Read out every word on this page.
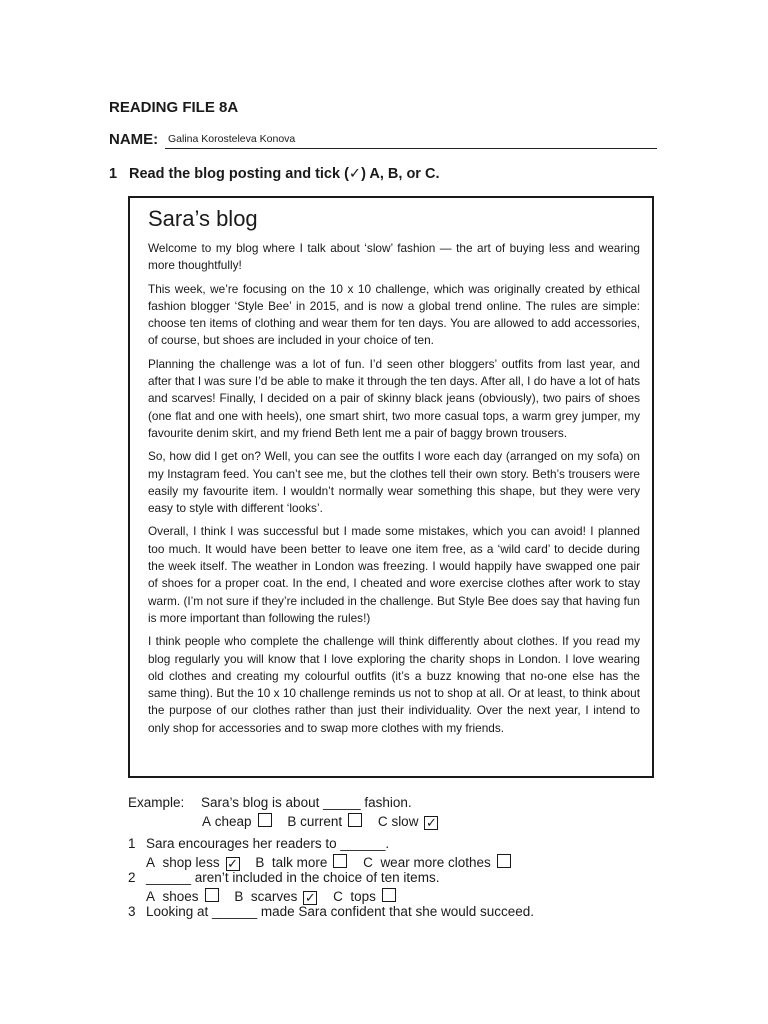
READING FILE 8A
NAME: Galina Korosteleva Konova
1 Read the blog posting and tick (✓) A, B, or C.
Sara’s blog

Welcome to my blog where I talk about ‘slow’ fashion — the art of buying less and wearing more thoughtfully!

This week, we’re focusing on the 10 x 10 challenge, which was originally created by ethical fashion blogger ‘Style Bee’ in 2015, and is now a global trend online. The rules are simple: choose ten items of clothing and wear them for ten days. You are allowed to add accessories, of course, but shoes are included in your choice of ten.

Planning the challenge was a lot of fun. I’d seen other bloggers’ outfits from last year, and after that I was sure I’d be able to make it through the ten days. After all, I do have a lot of hats and scarves! Finally, I decided on a pair of skinny black jeans (obviously), two pairs of shoes (one flat and one with heels), one smart shirt, two more casual tops, a warm grey jumper, my favourite denim skirt, and my friend Beth lent me a pair of baggy brown trousers.

So, how did I get on? Well, you can see the outfits I wore each day (arranged on my sofa) on my Instagram feed. You can’t see me, but the clothes tell their own story. Beth’s trousers were easily my favourite item. I wouldn’t normally wear something this shape, but they were very easy to style with different ‘looks’.

Overall, I think I was successful but I made some mistakes, which you can avoid! I planned too much. It would have been better to leave one item free, as a ‘wild card’ to decide during the week itself. The weather in London was freezing. I would happily have swapped one pair of shoes for a proper coat. In the end, I cheated and wore exercise clothes after work to stay warm. (I’m not sure if they’re included in the challenge. But Style Bee does say that having fun is more important than following the rules!)

I think people who complete the challenge will think differently about clothes. If you read my blog regularly you will know that I love exploring the charity shops in London. I love wearing old clothes and creating my colourful outfits (it’s a buzz knowing that no-one else has the same thing). But the 10 x 10 challenge reminds us not to shop at all. Or at least, to think about the purpose of our clothes rather than just their individuality. Over the next year, I intend to only shop for accessories and to swap more clothes with my friends.

Example: Sara’s blog is about _____ fashion.
A
cheap
	B
current
	C
slow ✓
1 Sara encourages her readers to ______.
A
shop less ✓ B
talk more
	C
wear more clothes
2 ______ aren’t included in the choice of ten items.
A
shoes
	B
scarves ✓ C
tops
3 Looking at ______ made Sara confident that she would succeed.
